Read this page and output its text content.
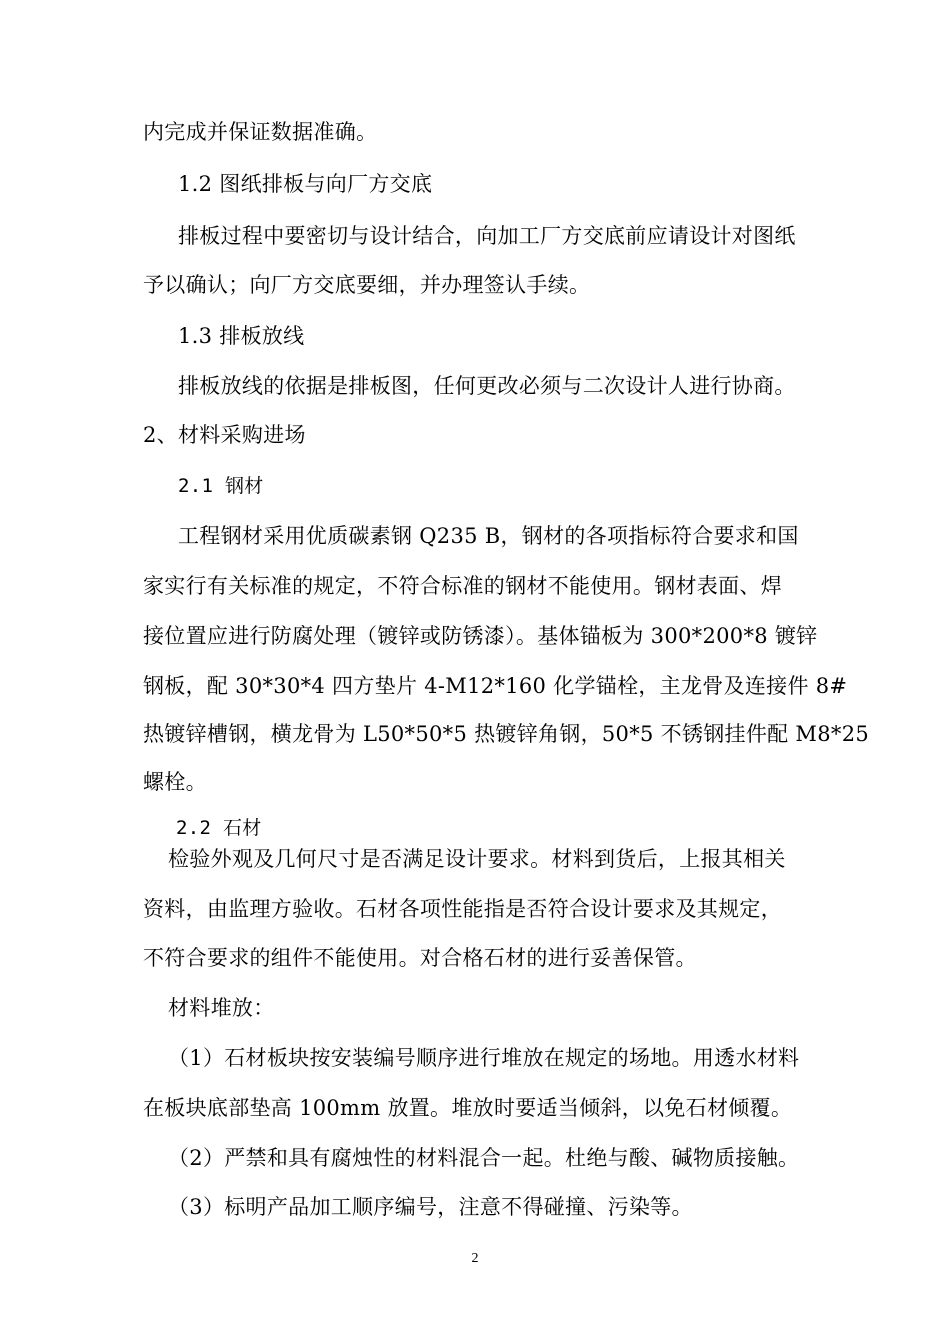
内完成并保证数据准确。
1.2 图纸排板与向厂方交底
排板过程中要密切与设计结合，向加工厂方交底前应请设计对图纸
予以确认；向厂方交底要细，并办理签认手续。
1.3 排板放线
排板放线的依据是排板图，任何更改必须与二次设计人进行协商。
2、材料采购进场
2.1 钢材
工程钢材采用优质碳素钢 Q235 B，钢材的各项指标符合要求和国
家实行有关标准的规定，不符合标准的钢材不能使用。钢材表面、焊
接位置应进行防腐处理（镀锌或防锈漆）。基体锚板为 300*200*8 镀锌
钢板，配 30*30*4 四方垫片 4-M12*160 化学锚栓，主龙骨及连接件 8#
热镀锌槽钢，横龙骨为 L50*50*5 热镀锌角钢，50*5 不锈钢挂件配 M8*25
螺栓。
2.2 石材
检验外观及几何尺寸是否满足设计要求。材料到货后，上报其相关
资料，由监理方验收。石材各项性能指是否符合设计要求及其规定，
不符合要求的组件不能使用。对合格石材的进行妥善保管。
材料堆放：
（1）石材板块按安装编号顺序进行堆放在规定的场地。用透水材料
在板块底部垫高 100mm 放置。堆放时要适当倾斜，以免石材倾覆。
（2）严禁和具有腐烛性的材料混合一起。杜绝与酸、碱物质接触。
（3）标明产品加工顺序编号，注意不得碰撞、污染等。
2
